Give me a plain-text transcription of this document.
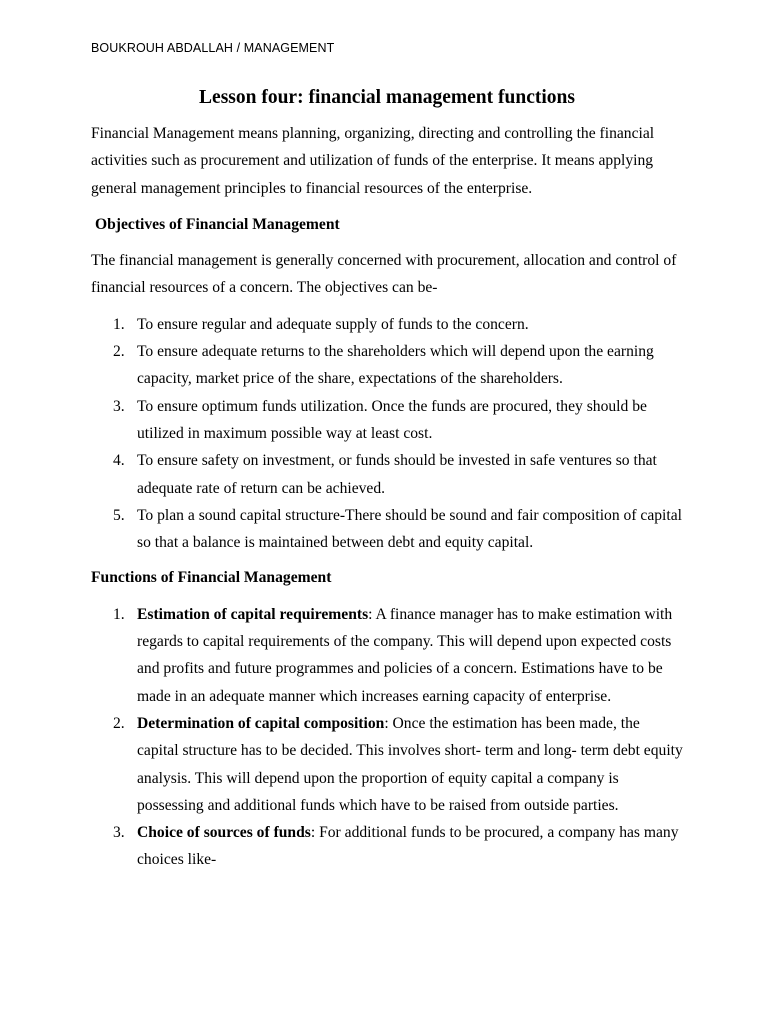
BOUKROUH ABDALLAH / MANAGEMENT
Lesson four: financial management functions

Financial Management means planning, organizing, directing and controlling the financial activities such as procurement and utilization of funds of the enterprise. It means applying general management principles to financial resources of the enterprise.

Objectives of Financial Management

The financial management is generally concerned with procurement, allocation and control of financial resources of a concern. The objectives can be-

1. To ensure regular and adequate supply of funds to the concern.
2. To ensure adequate returns to the shareholders which will depend upon the earning capacity, market price of the share, expectations of the shareholders.
3. To ensure optimum funds utilization. Once the funds are procured, they should be utilized in maximum possible way at least cost.
4. To ensure safety on investment, or funds should be invested in safe ventures so that adequate rate of return can be achieved.
5. To plan a sound capital structure-There should be sound and fair composition of capital so that a balance is maintained between debt and equity capital.
Functions of Financial Management
1. Estimation of capital requirements: A finance manager has to make estimation with regards to capital requirements of the company. This will depend upon expected costs and profits and future programmes and policies of a concern. Estimations have to be made in an adequate manner which increases earning capacity of enterprise.
2. Determination of capital composition: Once the estimation has been made, the capital structure has to be decided. This involves short- term and long- term debt equity analysis. This will depend upon the proportion of equity capital a company is possessing and additional funds which have to be raised from outside parties.
3. Choice of sources of funds: For additional funds to be procured, a company has many choices like-
